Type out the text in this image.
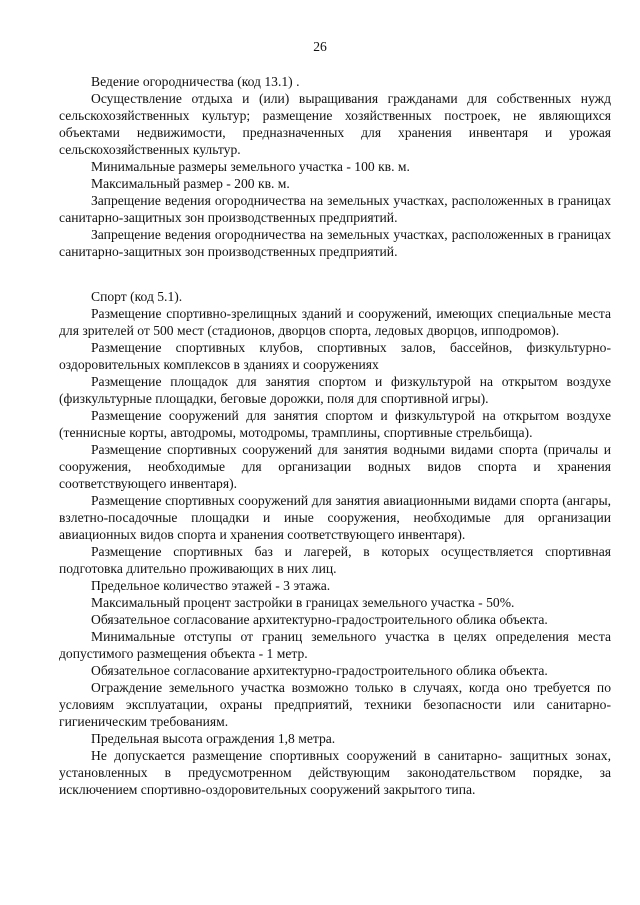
26

Ведение огородничества (код 13.1) .

Осуществление отдыха и (или) выращивания гражданами для собственных нужд сельскохозяйственных культур; размещение хозяйственных построек, не являющихся объектами недвижимости, предназначенных для хранения инвентаря и урожая сельскохозяйственных культур.

Минимальные размеры земельного участка - 100 кв. м.

Максимальный размер - 200 кв. м.

Запрещение ведения огородничества на земельных участках, расположенных в границах санитарно-защитных зон производственных предприятий.

Запрещение ведения огородничества на земельных участках, расположенных в границах санитарно-защитных зон производственных предприятий.

Спорт (код 5.1).

Размещение спортивно-зрелищных зданий и сооружений, имеющих специальные места для зрителей от 500 мест (стадионов, дворцов спорта, ледовых дворцов, ипподромов).

Размещение спортивных клубов, спортивных залов, бассейнов, физкультурно-оздоровительных комплексов в зданиях и сооружениях

Размещение площадок для занятия спортом и физкультурой на открытом воздухе (физкультурные площадки, беговые дорожки, поля для спортивной игры).

Размещение сооружений для занятия спортом и физкультурой на открытом воздухе (теннисные корты, автодромы, мотодромы, трамплины, спортивные стрельбища).

Размещение спортивных сооружений для занятия водными видами спорта (причалы и сооружения, необходимые для организации водных видов спорта и хранения соответствующего инвентаря).

Размещение спортивных сооружений для занятия авиационными видами спорта (ангары, взлетно-посадочные площадки и иные сооружения, необходимые для организации авиационных видов спорта и хранения соответствующего инвентаря).

Размещение спортивных баз и лагерей, в которых осуществляется спортивная подготовка длительно проживающих в них лиц.

Предельное количество этажей - 3 этажа.

Максимальный процент застройки в границах земельного участка - 50%.

Обязательное согласование архитектурно-градостроительного облика объекта.

Минимальные отступы от границ земельного участка в целях определения места допустимого размещения объекта - 1 метр.

Обязательное согласование архитектурно-градостроительного облика объекта.

Ограждение земельного участка возможно только в случаях, когда оно требуется по условиям эксплуатации, охраны предприятий, техники безопасности или санитарно-гигиеническим требованиям.

Предельная высота ограждения 1,8 метра.

Не допускается размещение спортивных сооружений в санитарно- защитных зонах, установленных в предусмотренном действующим законодательством порядке, за исключением спортивно-оздоровительных сооружений закрытого типа.
